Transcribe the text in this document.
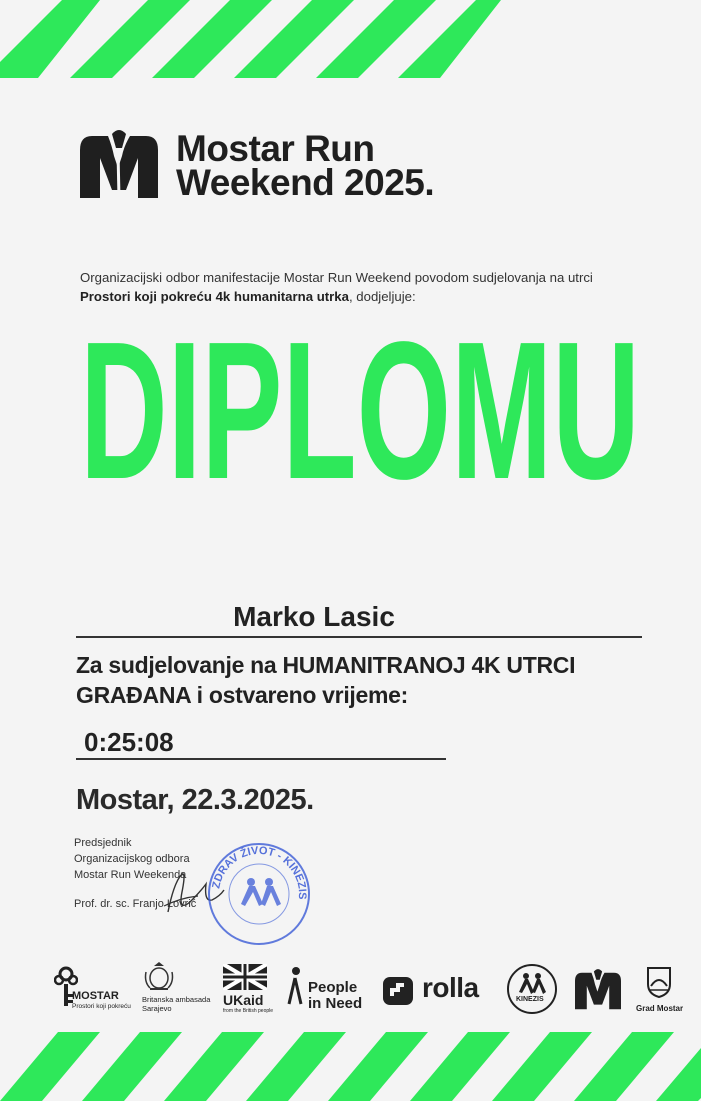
Mostar Run
Weekend 2025.
Organizacijski odbor manifestacije Mostar Run Weekend povodom sudjelovanja na utrci
Prostori koji pokreću 4k humanitarna utrka, dodjeljuje:
DIPLOMU
Marko Lasic
Za sudjelovanje na HUMANITRANOJ 4K UTRCI
GRAĐANA i ostvareno vrijeme:
0:25:08
Mostar, 22.3.2025.
Predsjednik
Organizacijskog odbora
Mostar Run Weekenda
Prof. dr. sc. Franjo Lovrić
ZDRAV ŽIVOT - KINEZIS
MOSTAR
Prostori koji pokreću
Britanska ambasada
Sarajevo
UKaid
from the British people
People
in Need
rolla	KINEZIS
Grad Mostar
